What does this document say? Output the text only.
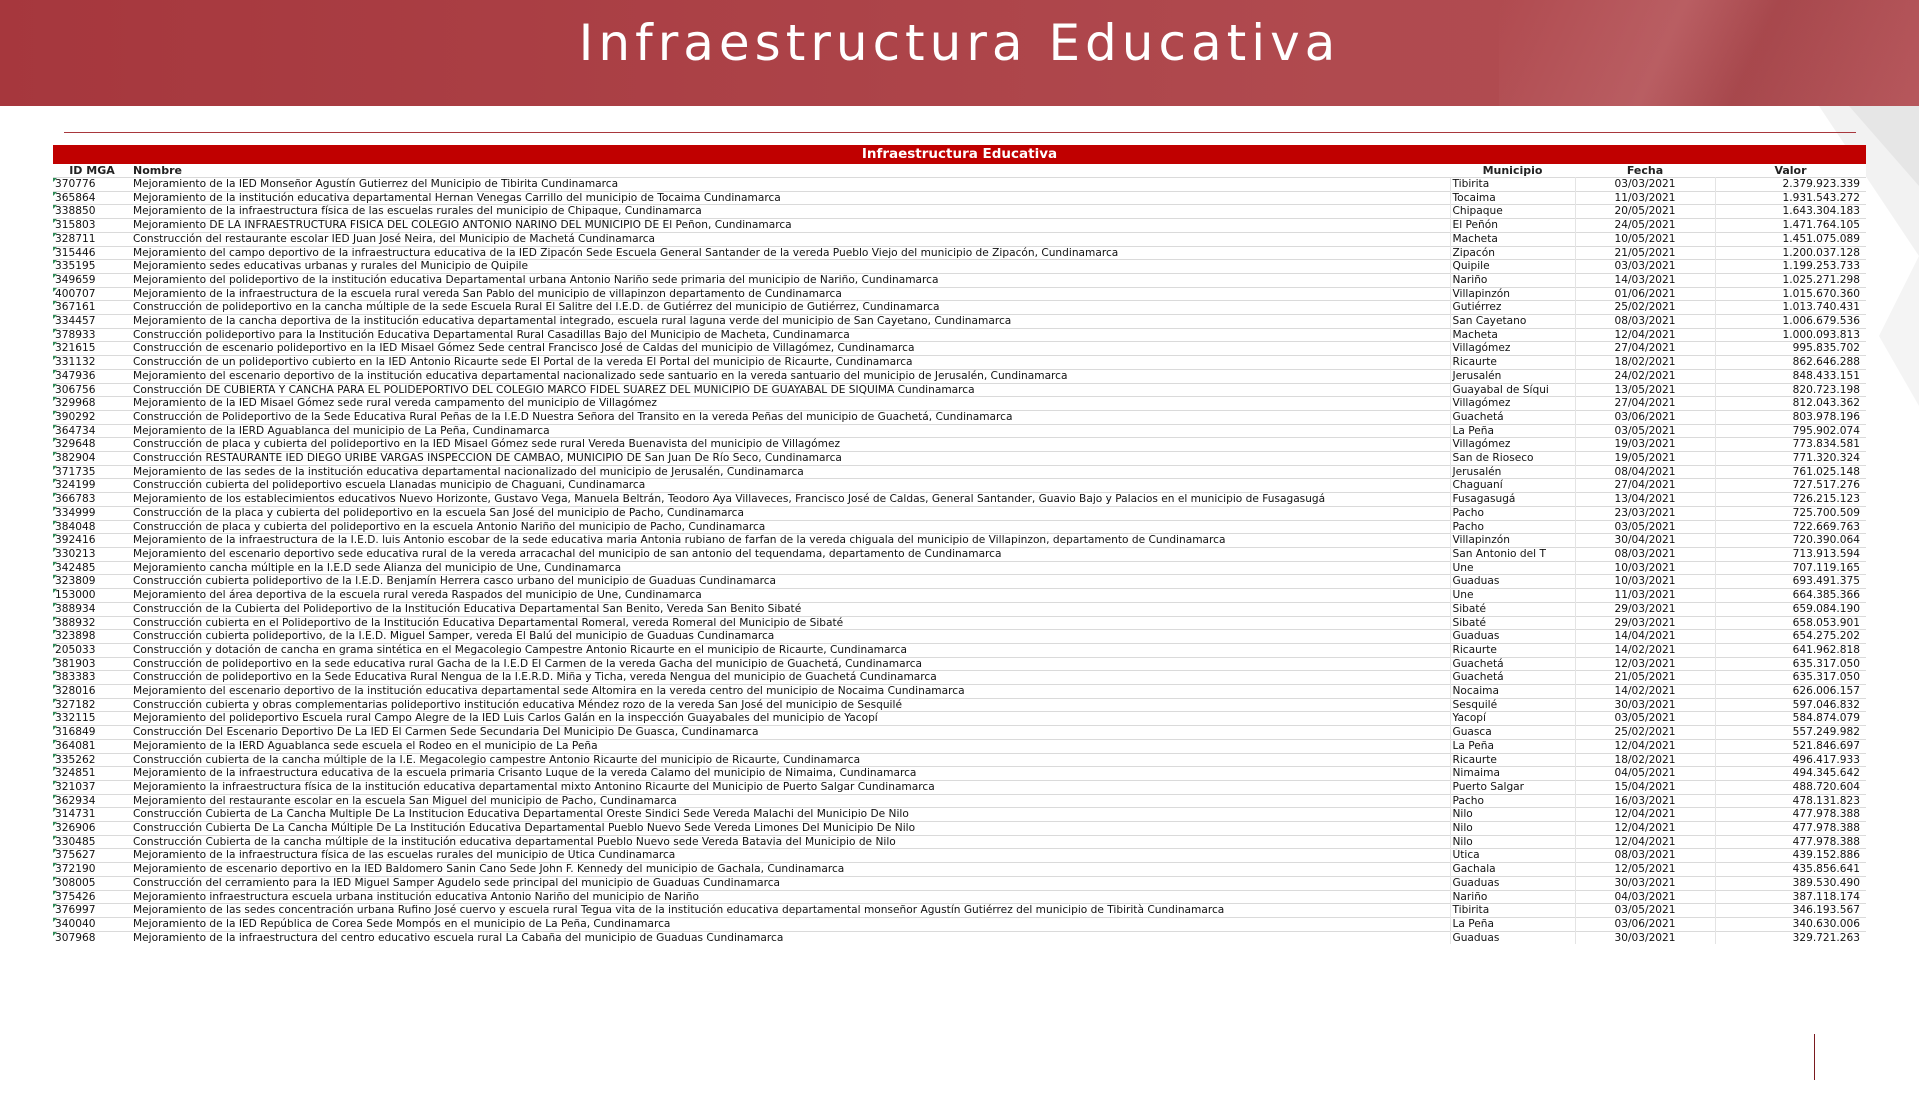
Infraestructura Educativa
Infraestructura Educativa
ID MGA	Nombre	Municipio	Fecha	Valor
370776	Mejoramiento de la IED Monseñor Agustín Gutierrez del Municipio de Tibirita Cundinamarca	Tibirita	03/03/2021	2.379.923.339
365864	Mejoramiento de la institución educativa departamental Hernan Venegas Carrillo del municipio de Tocaima Cundinamarca	Tocaima	11/03/2021	1.931.543.272
338850	Mejoramiento de la infraestructura física de las escuelas rurales del municipio de Chipaque, Cundinamarca	Chipaque	20/05/2021	1.643.304.183
315803	Mejoramiento DE LA INFRAESTRUCTURA FISICA DEL COLEGIO ANTONIO NARIÑO DEL MUNICIPIO DE El Peñon, Cundinamarca	El Peñón	24/05/2021	1.471.764.105
328711	Construcción del restaurante escolar IED Juan José Neira, del Municipio de Machetá Cundinamarca	Macheta	10/05/2021	1.451.075.089
315446	Mejoramiento del campo deportivo de la infraestructura educativa de la IED Zipacón Sede Escuela General Santander de la vereda Pueblo Viejo del municipio de Zipacón, Cundinamarca	Zipacón	21/05/2021	1.200.037.128
335195	Mejoramiento sedes educativas urbanas y rurales del Municipio de Quipile	Quipile	03/03/2021	1.199.253.733
349659	Mejoramiento del polideportivo de la institución educativa Departamental urbana Antonio Nariño sede primaria del municipio de Nariño, Cundinamarca	Nariño	14/03/2021	1.025.271.298
400707	Mejoramiento de la infraestructura de la escuela rural vereda San Pablo del municipio de villapinzon departamento de Cundinamarca	Villapinzón	01/06/2021	1.015.670.360
367161	Construcción de polideportivo en la cancha múltiple de la sede Escuela Rural El Salitre del I.E.D. de Gutiérrez del municipio de Gutiérrez, Cundinamarca	Gutiérrez	25/02/2021	1.013.740.431
334457	Mejoramiento de la cancha deportiva de la institución educativa departamental integrado, escuela rural laguna verde del municipio de San Cayetano, Cundinamarca	San Cayetano	08/03/2021	1.006.679.536
378933	Construcción polideportivo para la Institución Educativa Departamental Rural Casadillas Bajo del Municipio de Macheta, Cundinamarca	Macheta	12/04/2021	1.000.093.813
321615	Construcción de escenario polideportivo en la IED Misael Gómez Sede central Francisco José de Caldas del municipio de Villagómez, Cundinamarca	Villagómez	27/04/2021	995.835.702
331132	Construcción de un polideportivo cubierto en la IED Antonio Ricaurte sede El Portal de la vereda El Portal del municipio de Ricaurte, Cundinamarca	Ricaurte	18/02/2021	862.646.288
347936	Mejoramiento del escenario deportivo de la institución educativa departamental nacionalizado sede santuario en la vereda santuario del municipio de Jerusalén, Cundinamarca	Jerusalén	24/02/2021	848.433.151
306756	Construcción DE CUBIERTA Y CANCHA PARA EL POLIDEPORTIVO DEL COLEGIO MARCO FIDEL SUAREZ DEL MUNICIPIO DE GUAYABAL DE SIQUIMA Cundinamarca	Guayabal de Síqui	13/05/2021	820.723.198
329968	Mejoramiento de la IED Misael Gómez sede rural vereda campamento del municipio de Villagómez	Villagómez	27/04/2021	812.043.362
390292	Construcción de Polideportivo de la Sede Educativa Rural Peñas de la I.E.D Nuestra Señora del Transito en la vereda Peñas del municipio de Guachetá, Cundinamarca	Guachetá	03/06/2021	803.978.196
364734	Mejoramiento de la IERD Aguablanca del municipio de La Peña, Cundinamarca	La Peña	03/05/2021	795.902.074
329648	Construcción de placa y cubierta del polideportivo en la IED Misael Gómez sede rural Vereda Buenavista del municipio de Villagómez	Villagómez	19/03/2021	773.834.581
382904	Construcción RESTAURANTE IED DIEGO URIBE VARGAS INSPECCION DE CAMBAO, MUNICIPIO DE San Juan De Río Seco, Cundinamarca	San de Rioseco	19/05/2021	771.320.324
371735	Mejoramiento de las sedes de la institución educativa departamental nacionalizado del municipio de Jerusalén, Cundinamarca	Jerusalén	08/04/2021	761.025.148
324199	Construcción cubierta del polideportivo escuela Llanadas municipio de Chaguani, Cundinamarca	Chaguaní	27/04/2021	727.517.276
366783	Mejoramiento de los establecimientos educativos Nuevo Horizonte, Gustavo Vega, Manuela Beltrán, Teodoro Aya Villaveces, Francisco José de Caldas, General Santander, Guavio Bajo y Palacios en el municipio de Fusagasugá	Fusagasugá	13/04/2021	726.215.123
334999	Construcción de la placa y cubierta del polideportivo en la escuela San José del municipio de Pacho, Cundinamarca	Pacho	23/03/2021	725.700.509
384048	Construcción de placa y cubierta del polideportivo en la escuela Antonio Nariño del municipio de Pacho, Cundinamarca	Pacho	03/05/2021	722.669.763
392416	Mejoramiento de la infraestructura de la I.E.D. luis Antonio escobar de la sede educativa maria Antonia rubiano de farfan de la vereda chiguala del municipio de Villapinzon, departamento de Cundinamarca	Villapinzón	30/04/2021	720.390.064
330213	Mejoramiento del escenario deportivo sede educativa rural de la vereda arracachal del municipio de san antonio del tequendama, departamento de Cundinamarca	San Antonio del T	08/03/2021	713.913.594
342485	Mejoramiento cancha múltiple en la I.E.D sede Alianza del municipio de Une, Cundinamarca	Une	10/03/2021	707.119.165
323809	Construcción cubierta polideportivo de la I.E.D. Benjamín Herrera casco urbano del municipio de Guaduas Cundinamarca	Guaduas	10/03/2021	693.491.375
153000	Mejoramiento del área deportiva de la escuela rural vereda Raspados del municipio de Une, Cundinamarca	Une	11/03/2021	664.385.366
388934	Construcción de la Cubierta del Polideportivo de la Institución Educativa Departamental San Benito, Vereda San Benito Sibaté	Sibaté	29/03/2021	659.084.190
388932	Construcción cubierta en el Polideportivo de la Institución Educativa Departamental Romeral, vereda Romeral del Municipio de Sibaté	Sibaté	29/03/2021	658.053.901
323898	Construcción cubierta polideportivo, de la I.E.D. Miguel Samper, vereda El Balú del municipio de Guaduas Cundinamarca	Guaduas	14/04/2021	654.275.202
205033	Construcción y dotación de cancha en grama sintética en el Megacolegio Campestre Antonio Ricaurte en el municipio de Ricaurte, Cundinamarca	Ricaurte	14/02/2021	641.962.818
381903	Construcción de polideportivo en la sede educativa rural Gacha de la I.E.D El Carmen de la vereda Gacha del municipio de Guachetá, Cundinamarca	Guachetá	12/03/2021	635.317.050
383383	Construcción de polideportivo en la Sede Educativa Rural Nengua de la I.E.R.D. Miña y Ticha, vereda Nengua del municipio de Guachetá Cundinamarca	Guachetá	21/05/2021	635.317.050
328016	Mejoramiento del escenario deportivo de la institución educativa departamental sede Altomira en la vereda centro del municipio de Nocaima Cundinamarca	Nocaima	14/02/2021	626.006.157
327182	Construcción cubierta y obras complementarias polideportivo institución educativa Méndez rozo de la vereda San José del municipio de Sesquilé	Sesquilé	30/03/2021	597.046.832
332115	Mejoramiento del polideportivo Escuela rural Campo Alegre de la IED Luis Carlos Galán en la inspección Guayabales del municipio de Yacopí	Yacopí	03/05/2021	584.874.079
316849	Construcción Del Escenario Deportivo De La IED El Carmen Sede Secundaria Del Municipio De Guasca, Cundinamarca	Guasca	25/02/2021	557.249.982
364081	Mejoramiento de la IERD Aguablanca sede escuela el Rodeo en el municipio de La Peña	La Peña	12/04/2021	521.846.697
335262	Construcción cubierta de la cancha múltiple de la I.E. Megacolegio campestre Antonio Ricaurte del municipio de Ricaurte, Cundinamarca	Ricaurte	18/02/2021	496.417.933
324851	Mejoramiento de la infraestructura educativa de la escuela primaria Crisanto Luque de la vereda Calamo del municipio de Nimaima, Cundinamarca	Nimaima	04/05/2021	494.345.642
321037	Mejoramiento la infraestructura física de la institución educativa departamental mixto Antonino Ricaurte del Municipio de Puerto Salgar Cundinamarca	Puerto Salgar	15/04/2021	488.720.604
362934	Mejoramiento del restaurante escolar en la escuela San Miguel del municipio de Pacho, Cundinamarca	Pacho	16/03/2021	478.131.823
314731	Construcción Cubierta de La Cancha Multiple De La Institucion Educativa Departamental Oreste Sindici Sede Vereda Malachi del Municipio De Nilo	Nilo	12/04/2021	477.978.388
326906	Construcción Cubierta De La Cancha Múltiple De La Institución Educativa Departamental Pueblo Nuevo Sede Vereda Limones Del Municipio De Nilo	Nilo	12/04/2021	477.978.388
330485	Construcción Cubierta de la cancha múltiple de la institución educativa departamental Pueblo Nuevo sede Vereda Batavia del Municipio de Nilo	Nilo	12/04/2021	477.978.388
375627	Mejoramiento de la infraestructura física de las escuelas rurales del municipio de Útica Cundinamarca	Útica	08/03/2021	439.152.886
372190	Mejoramiento de escenario deportivo en la IED Baldomero Sanin Cano Sede John F. Kennedy del municipio de Gachala, Cundinamarca	Gachala	12/05/2021	435.856.641
308005	Construcción del cerramiento para la IED Miguel Samper Agudelo sede principal del municipio de Guaduas Cundinamarca	Guaduas	30/03/2021	389.530.490
375426	Mejoramiento infraestructura escuela urbana institución educativa Antonio Nariño del municipio de Nariño	Nariño	04/03/2021	387.118.174
376997	Mejoramiento de las sedes concentración urbana Rufino José cuervo y escuela rural Tegua vita de la institución educativa departamental monseñor Agustín Gutiérrez del municipio de Tibirità Cundinamarca	Tibirita	03/05/2021	346.193.567
340040	Mejoramiento de la IED República de Corea Sede Mompós en el municipio de La Peña, Cundinamarca	La Peña	03/06/2021	340.630.006
307968	Mejoramiento de la infraestructura del centro educativo escuela rural La Cabaña del municipio de Guaduas Cundinamarca	Guaduas	30/03/2021	329.721.263
